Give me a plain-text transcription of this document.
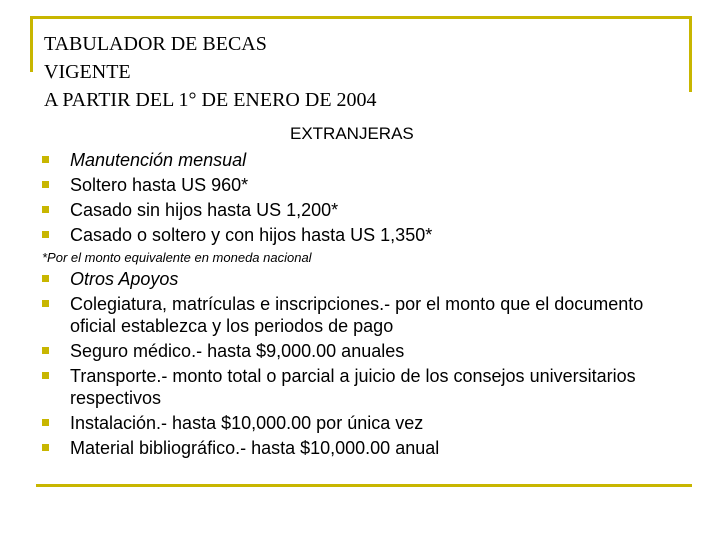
TABULADOR DE BECAS
VIGENTE
A PARTIR DEL 1° DE ENERO DE 2004
EXTRANJERAS
Manutención mensual
Soltero hasta US 960*
Casado sin hijos hasta US 1,200*
Casado o soltero y con hijos hasta US 1,350*
*Por el monto equivalente en moneda nacional
Otros Apoyos
Colegiatura, matrículas e inscripciones.- por el monto que el documento oficial establezca y los periodos de pago
Seguro médico.- hasta $9,000.00 anuales
Transporte.- monto total o parcial a juicio de los consejos universitarios respectivos
Instalación.- hasta $10,000.00 por única vez
Material bibliográfico.- hasta $10,000.00 anual
